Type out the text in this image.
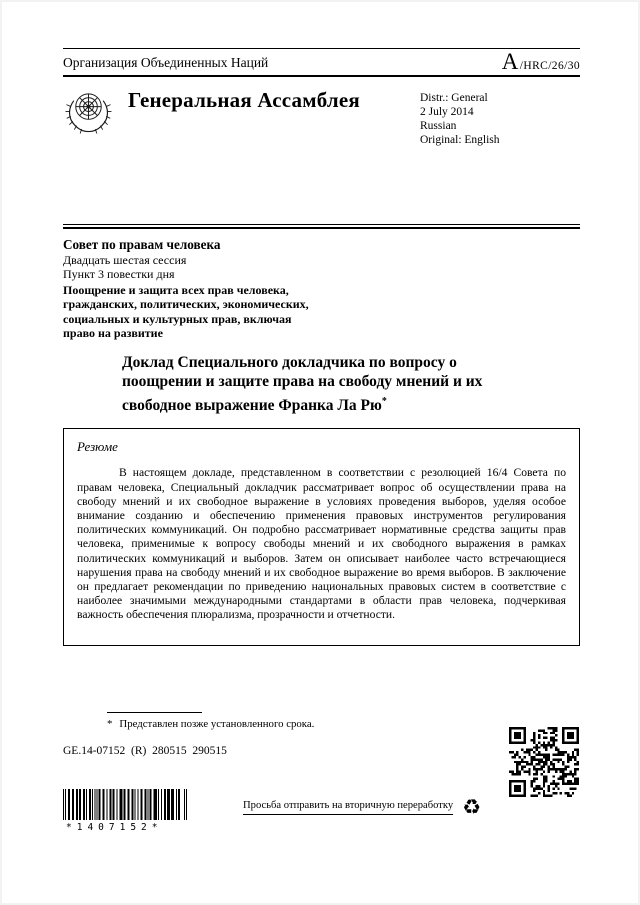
Организация Объединенных Наций	A /HRC/26/30
Генеральная Ассамблея	Distr.: General
2 July 2014
Russian
Original: English
Совет по правам человека
Двадцать шестая сессия
Пункт 3 повестки дня
Поощрение и защита всех прав человека, гражданских, политических, экономических, социальных и культурных прав, включая право на развитие
Доклад Специального докладчика по вопросу о поощрении и защите права на свободу мнений и их свободное выражение Франка Ла Рю*
Резюме

В настоящем докладе, представленном в соответствии с резолюцией 16/4 Совета по правам человека, Специальный докладчик рассматривает вопрос об осуществлении права на свободу мнений и их свободное выражение в условиях проведения выборов, уделяя особое внимание созданию и обеспечению применения правовых инструментов регулирования политических коммуникаций. Он подробно рассматривает нормативные средства защиты прав человека, применимые к вопросу свободы мнений и их свободного выражения в рамках политических коммуникаций и выборов. Затем он описывает наиболее часто встречающиеся нарушения права на свободу мнений и их свободное выражение во время выборов. В заключение он предлагает рекомендации по приведению национальных правовых систем в соответствие с наиболее значимыми международными стандартами в области прав человека, подчеркивая важность обеспечения плюрализма, прозрачности и отчетности.

* Представлен позже установленного срока.
GE.14-07152  (R)  280515  290515
*1407152*
Просьба отправить на вторичную переработку ♻
